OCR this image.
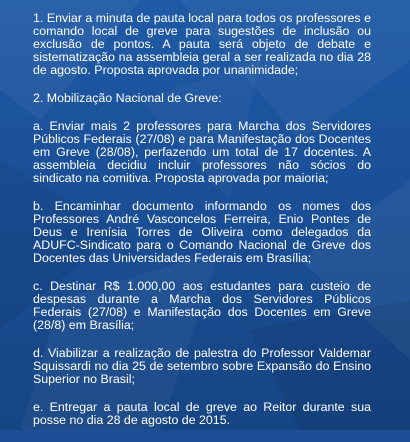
1. Enviar a minuta de pauta local para todos os professores e comando local de greve para sugestões de inclusão ou exclusão de pontos. A pauta será objeto de debate e sistematização na assembleia geral a ser realizada no dia 28 de agosto. Proposta aprovada por unanimidade;

2. Mobilização Nacional de Greve:

a. Enviar mais 2 professores para Marcha dos Servidores Públicos Federais (27/08) e para Manifestação dos Docentes em Greve (28/08), perfazendo um total de 17 docentes. A assembleia decidiu incluir professores não sócios do sindicato na comitiva. Proposta aprovada por maioria;

b. Encaminhar documento informando os nomes dos Professores André Vasconcelos Ferreira, Enio Pontes de Deus e Irenísia Torres de Oliveira como delegados da ADUFC-Sindicato para o Comando Nacional de Greve dos Docentes das Universidades Federais em Brasília;

c. Destinar R$ 1.000,00 aos estudantes para custeio de despesas durante a Marcha dos Servidores Públicos Federais (27/08) e Manifestação dos Docentes em Greve (28/8) em Brasília;

d. Viabilizar a realização de palestra do Professor Valdemar Squissardi no dia 25 de setembro sobre Expansão do Ensino Superior no Brasil;

e. Entregar a pauta local de greve ao Reitor durante sua posse no dia 28 de agosto de 2015.
